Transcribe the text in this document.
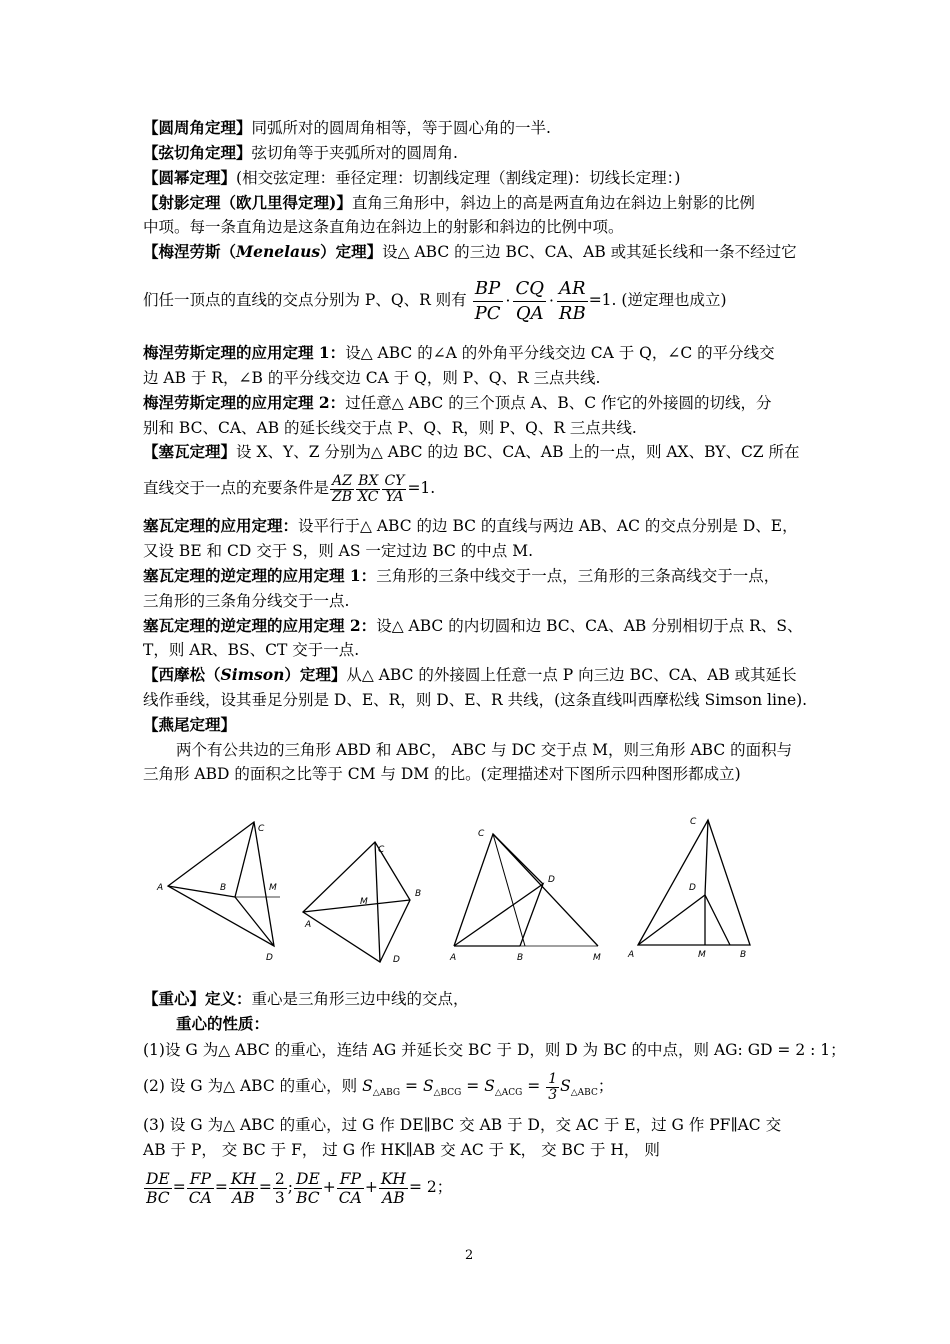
【圆周角定理】同弧所对的圆周角相等，等于圆心角的一半.
【弦切角定理】弦切角等于夹弧所对的圆周角.
【圆幂定理】(相交弦定理：垂径定理：切割线定理（割线定理)：切线长定理：)
【射影定理（欧几里得定理)】直角三角形中，斜边上的高是两直角边在斜边上射影的比例
中项。每一条直角边是这条直角边在斜边上的射影和斜边的比例中项。
【梅涅劳斯（Menelaus）定理】设△ ABC 的三边 BC、CA、AB 或其延长线和一条不经过它
们任一顶点的直线的交点分别为 P、Q、R 则有 $\frac{BP}{PC} \cdot \frac{CQ}{QA} \cdot \frac{AR}{RB} =1$. (逆定理也成立)
梅涅劳斯定理的应用定理 1：设△ ABC 的∠A 的外角平分线交边 CA 于 Q，∠C 的平分线交
边 AB 于 R，∠B 的平分线交边 CA 于 Q，则 P、Q、R 三点共线.
梅涅劳斯定理的应用定理 2：过任意△ ABC 的三个顶点 A、B、C 作它的外接圆的切线，分
别和 BC、CA、AB 的延长线交于点 P、Q、R，则 P、Q、R 三点共线.
【塞瓦定理】设 X、Y、Z 分别为△ ABC 的边 BC、CA、AB 上的一点，则 AX、BY、CZ 所在
直线交于一点的充要条件是 $\frac{AZ}{ZB} \frac{BX}{XC} \frac{CY}{YA} =1$.
塞瓦定理的应用定理：设平行于△ ABC 的边 BC 的直线与两边 AB、AC 的交点分别是 D、E，
又设 BE 和 CD 交于 S，则 AS 一定过边 BC 的中点 M.
塞瓦定理的逆定理的应用定理 1：三角形的三条中线交于一点，三角形的三条高线交于一点，
三角形的三条角分线交于一点.
塞瓦定理的逆定理的应用定理 2：设△ ABC 的内切圆和边 BC、CA、AB 分别相切于点 R、S、
T，则 AR、BS、CT 交于一点.
【西摩松（Simson）定理】从△ ABC 的外接圆上任意一点 P 向三边 BC、CA、AB 或其延长
线作垂线，设其垂足分别是 D、E、R，则 D、E、R 共线，(这条直线叫西摩松线 Simson line).
【燕尾定理】
两个有公共边的三角形 ABD 和 ABC， ABC 与 DC 交于点 M，则三角形 ABC 的面积与
三角形 ABD 的面积之比等于 CM 与 DM 的比。(定理描述对下图所示四种图形都成立)
A	B	M
C
D
C
B
M
A
D
C
D
A	B	M
C
D
A	M	B
【重心】定义：重心是三角形三边中线的交点，
重心的性质：
(1)设 G 为△ ABC 的重心，连结 AG 并延长交 BC 于 D，则 D 为 BC 的中点，则 AG: GD = 2 : 1；
(2) 设 G 为△ ABC 的重心，则 $S_{\triangle ABG} = S_{\triangle BCG} = S_{\triangle ACG} = \frac{1}{3} S_{\triangle ABC}$；
(3) 设 G 为△ ABC 的重心，过 G 作 DE∥BC 交 AB 于 D，交 AC 于 E，过 G 作 PF∥AC 交
AB 于 P， 交 BC 于 F， 过 G 作 HK∥AB 交 AC 于 K， 交 BC 于 H， 则
$\frac{DE}{BC} = \frac{FP}{CA} = \frac{KH}{AB} = \frac{2}{3}$ ; $\frac{DE}{BC} + \frac{FP}{CA} + \frac{KH}{AB} = 2$；
2
